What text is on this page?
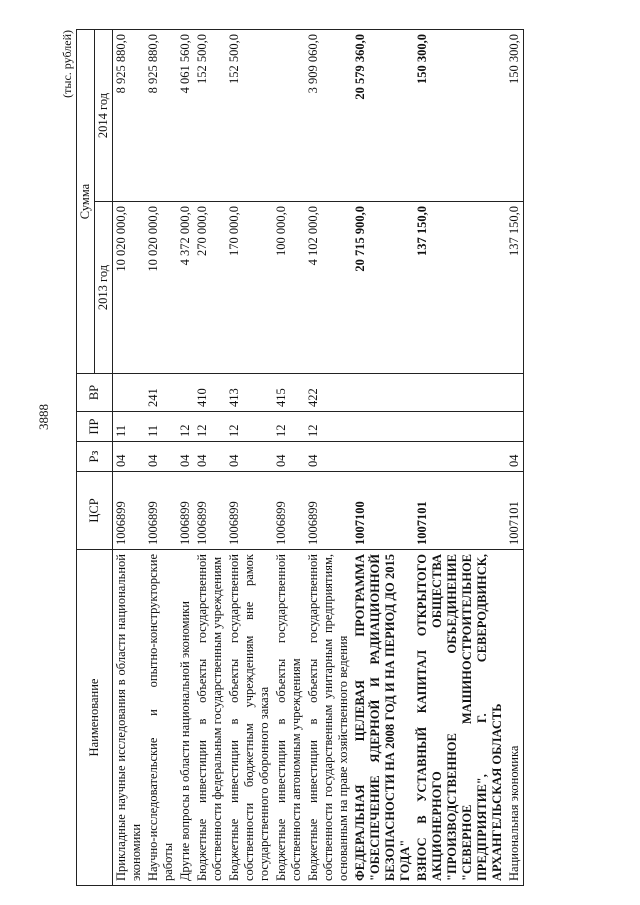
3888
(тыс. рублей)
Наименование	ЦСР	Рз	ПР	ВР	Сумма	
					2013 год	2014 год
Прикладные научные исследования в области национальной экономики	1006899	04	11		10 020 000,0	8 925 880,0
Научно-исследовательские и опытно-конструкторские работы	1006899	04	11	241	10 020 000,0	8 925 880,0
Другие вопросы в области национальной экономики	1006899	04	12		4 372 000,0	4 061 560,0
Бюджетные инвестиции в объекты государственной собственности федеральным государственным учреждениям	1006899	04	12	410	270 000,0	152 500,0
Бюджетные инвестиции в объекты государственной собственности бюджетным учреждениям вне рамок государственного оборонного заказа	1006899	04	12	413	170 000,0	152 500,0
Бюджетные инвестиции в объекты государственной собственности автономным учреждениям	1006899	04	12	415	100 000,0	
Бюджетные инвестиции в объекты государственной собственности государственным унитарным предприятиям, основанным на праве хозяйственного ведения	1006899	04	12	422	4 102 000,0	3 909 060,0
ФЕДЕРАЛЬНАЯ ЦЕЛЕВАЯ ПРОГРАММА "ОБЕСПЕЧЕНИЕ ЯДЕРНОЙ И РАДИАЦИОННОЙ БЕЗОПАСНОСТИ НА 2008 ГОД И НА ПЕРИОД ДО 2015 ГОДА"	1007100				20 715 900,0	20 579 360,0
ВЗНОС В УСТАВНЫЙ КАПИТАЛ ОТКРЫТОГО АКЦИОНЕРНОГО ОБЩЕСТВА "ПРОИЗВОДСТВЕННОЕ ОБЪЕДИНЕНИЕ "СЕВЕРНОЕ МАШИНОСТРОИТЕЛЬНОЕ ПРЕДПРИЯТИЕ", Г. СЕВЕРОДВИНСК, АРХАНГЕЛЬСКАЯ ОБЛАСТЬ	1007101				137 150,0	150 300,0
Национальная экономика	1007101	04			137 150,0	150 300,0
